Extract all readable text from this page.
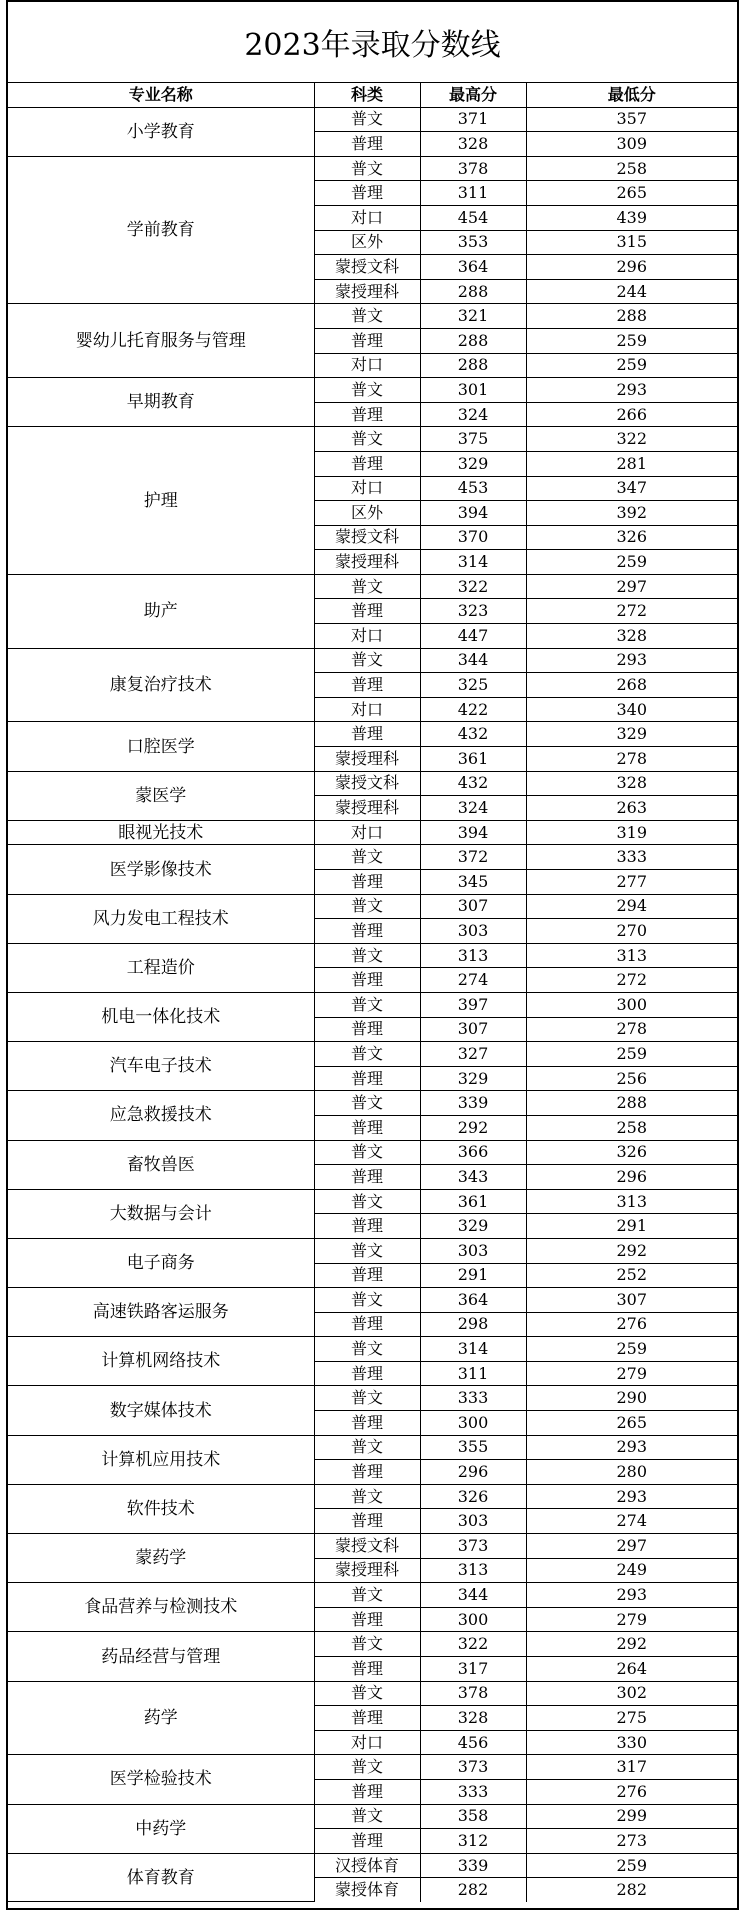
2023年录取分数线
专业名称	科类	最高分	最低分
小学教育	普文	371	357
	普理	328	309
学前教育	普文	378	258
	普理	311	265
	对口	454	439
	区外	353	315
	蒙授文科	364	296
	蒙授理科	288	244
婴幼儿托育服务与管理	普文	321	288
	普理	288	259
	对口	288	259
早期教育	普文	301	293
	普理	324	266
护理	普文	375	322
	普理	329	281
	对口	453	347
	区外	394	392
	蒙授文科	370	326
	蒙授理科	314	259
助产	普文	322	297
	普理	323	272
	对口	447	328
康复治疗技术	普文	344	293
	普理	325	268
	对口	422	340
口腔医学	普理	432	329
	蒙授理科	361	278
蒙医学	蒙授文科	432	328
	蒙授理科	324	263
眼视光技术	对口	394	319
医学影像技术	普文	372	333
	普理	345	277
风力发电工程技术	普文	307	294
	普理	303	270
工程造价	普文	313	313
	普理	274	272
机电一体化技术	普文	397	300
	普理	307	278
汽车电子技术	普文	327	259
	普理	329	256
应急救援技术	普文	339	288
	普理	292	258
畜牧兽医	普文	366	326
	普理	343	296
大数据与会计	普文	361	313
	普理	329	291
电子商务	普文	303	292
	普理	291	252
高速铁路客运服务	普文	364	307
	普理	298	276
计算机网络技术	普文	314	259
	普理	311	279
数字媒体技术	普文	333	290
	普理	300	265
计算机应用技术	普文	355	293
	普理	296	280
软件技术	普文	326	293
	普理	303	274
蒙药学	蒙授文科	373	297
	蒙授理科	313	249
食品营养与检测技术	普文	344	293
	普理	300	279
药品经营与管理	普文	322	292
	普理	317	264
药学	普文	378	302
	普理	328	275
	对口	456	330
医学检验技术	普文	373	317
	普理	333	276
中药学	普文	358	299
	普理	312	273
体育教育	汉授体育	339	259
	蒙授体育	282	282
